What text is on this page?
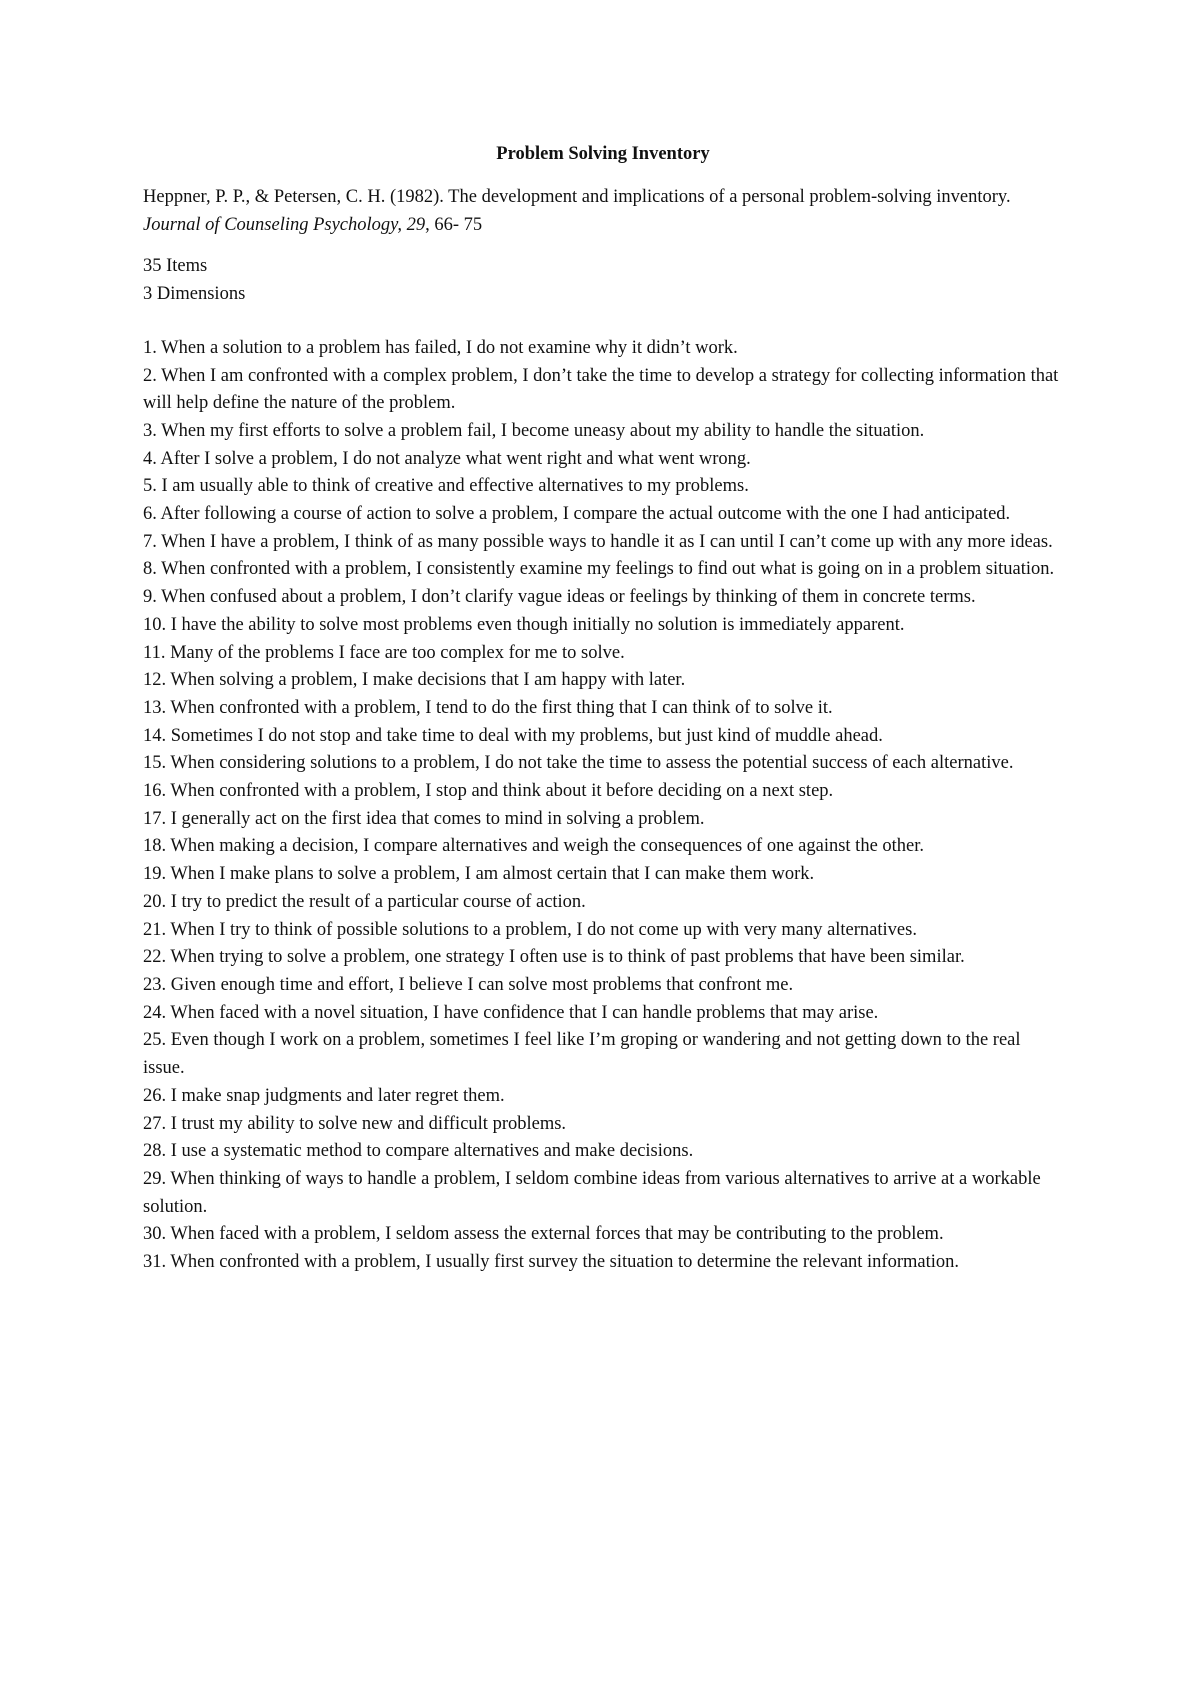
Problem Solving Inventory
Heppner, P. P., & Petersen, C. H. (1982). The development and implications of a personal problem-solving inventory. Journal of Counseling Psychology, 29, 66- 75
35 Items
3 Dimensions
1. When a solution to a problem has failed, I do not examine why it didn’t work.
2. When I am confronted with a complex problem, I don’t take the time to develop a strategy for collecting information that will help define the nature of the problem.
3. When my first efforts to solve a problem fail, I become uneasy about my ability to handle the situation.
4. After I solve a problem, I do not analyze what went right and what went wrong.
5. I am usually able to think of creative and effective alternatives to my problems.
6. After following a course of action to solve a problem, I compare the actual outcome with the one I had anticipated.
7. When I have a problem, I think of as many possible ways to handle it as I can until I can’t come up with any more ideas.
8. When confronted with a problem, I consistently examine my feelings to find out what is going on in a problem situation.
9. When confused about a problem, I don’t clarify vague ideas or feelings by thinking of them in concrete terms.
10. I have the ability to solve most problems even though initially no solution is immediately apparent.
11. Many of the problems I face are too complex for me to solve.
12. When solving a problem, I make decisions that I am happy with later.
13. When confronted with a problem, I tend to do the first thing that I can think of to solve it.
14. Sometimes I do not stop and take time to deal with my problems, but just kind of muddle ahead.
15. When considering solutions to a problem, I do not take the time to assess the potential success of each alternative.
16. When confronted with a problem, I stop and think about it before deciding on a next step.
17. I generally act on the first idea that comes to mind in solving a problem.
18. When making a decision, I compare alternatives and weigh the consequences of one against the other.
19. When I make plans to solve a problem, I am almost certain that I can make them work.
20. I try to predict the result of a particular course of action.
21. When I try to think of possible solutions to a problem, I do not come up with very many alternatives.
22. When trying to solve a problem, one strategy I often use is to think of past problems that have been similar.
23. Given enough time and effort, I believe I can solve most problems that confront me.
24. When faced with a novel situation, I have confidence that I can handle problems that may arise.
25. Even though I work on a problem, sometimes I feel like I’m groping or wandering and not getting down to the real issue.
26. I make snap judgments and later regret them.
27. I trust my ability to solve new and difficult problems.
28. I use a systematic method to compare alternatives and make decisions.
29. When thinking of ways to handle a problem, I seldom combine ideas from various alternatives to arrive at a workable solution.
30. When faced with a problem, I seldom assess the external forces that may be contributing to the problem.
31. When confronted with a problem, I usually first survey the situation to determine the relevant information.
